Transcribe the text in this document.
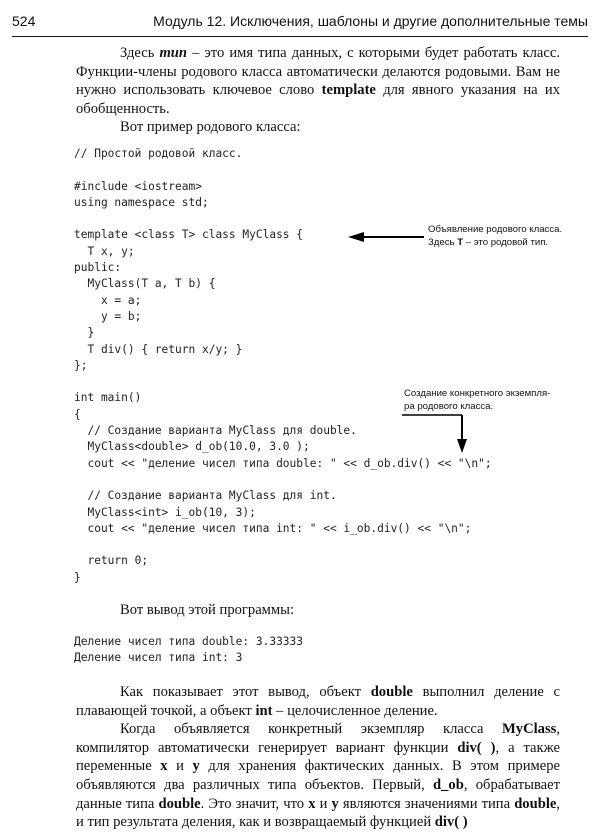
524	Модуль 12. Исключения, шаблоны и другие дополнительные темы

Здесь тип – это имя типа данных, с которыми будет работать класс. Функции-члены родового класса автоматически делаются родовыми. Вам не нужно использовать ключевое слово template для явного указания на их обобщенность.

Вот пример родового класса:

// Простой родовой класс.

#include <iostream>
using namespace std;

template <class T> class MyClass {
T x, y;
public:
MyClass(T a, T b) {
x = a;
y = b;
}
T div() { return x/y; }
};

int main()
{
// Создание варианта MyClass для double.
MyClass<double> d_ob(10.0, 3.0 );
cout << "деление чисел типа double: " << d_ob.div() << "\n";

// Создание варианта MyClass для int.
MyClass<int> i_ob(10, 3);
cout << "деление чисел типа int: " << i_ob.div() << "\n";

return 0;
}
Объявление родового класса.
Здесь T – это родовой тип.
Создание конкретного экземпля-
ра родового класса.
Вот вывод этой программы:
Деление чисел типа double: 3.33333
Деление чисел типа int: 3

Как показывает этот вывод, объект double выполнил деление с плавающей точкой, а объект int – целочисленное деление.

Когда объявляется конкретный экземпляр класса MyClass, компилятор автоматически генерирует вариант функции div( ), а также переменные x и y для хранения фактических данных. В этом примере объявляются два различных типа объектов. Первый, d_ob, обрабатывает данные типа double. Это значит, что x и y являются значениями типа double, и тип результата деления, как и возвращаемый функцией div( )
